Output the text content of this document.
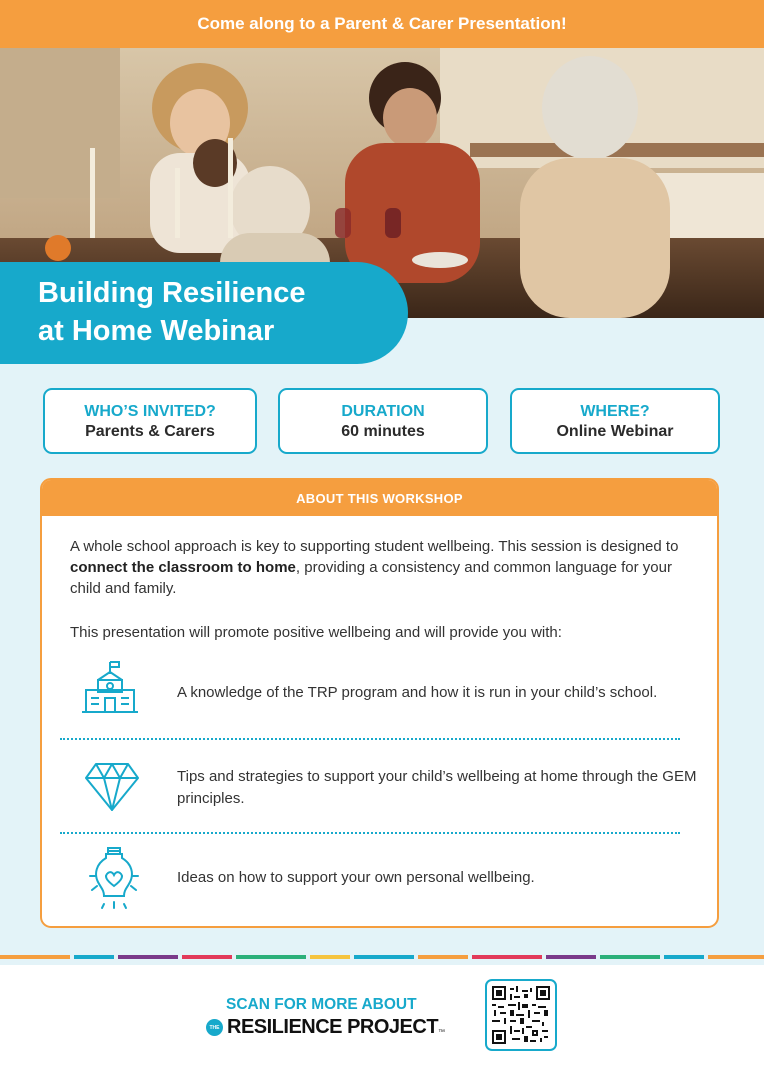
Come along to a Parent & Carer Presentation!
Building Resilience
at Home Webinar
WHO’S INVITED?
Parents & Carers
DURATION
60 minutes
WHERE?
Online Webinar
ABOUT THIS WORKSHOP

A whole school approach is key to supporting student wellbeing. This session is designed to connect the classroom to home, providing a consistency and common language for your child and family.

This presentation will promote positive wellbeing and will provide you with:

A knowledge of the TRP program and how it is run in your child’s school.
Tips and strategies to support your child’s wellbeing at home through the GEM principles.
Ideas on how to support your own personal wellbeing.
SCAN FOR MORE ABOUT
THE RESILIENCE PROJECT ™
